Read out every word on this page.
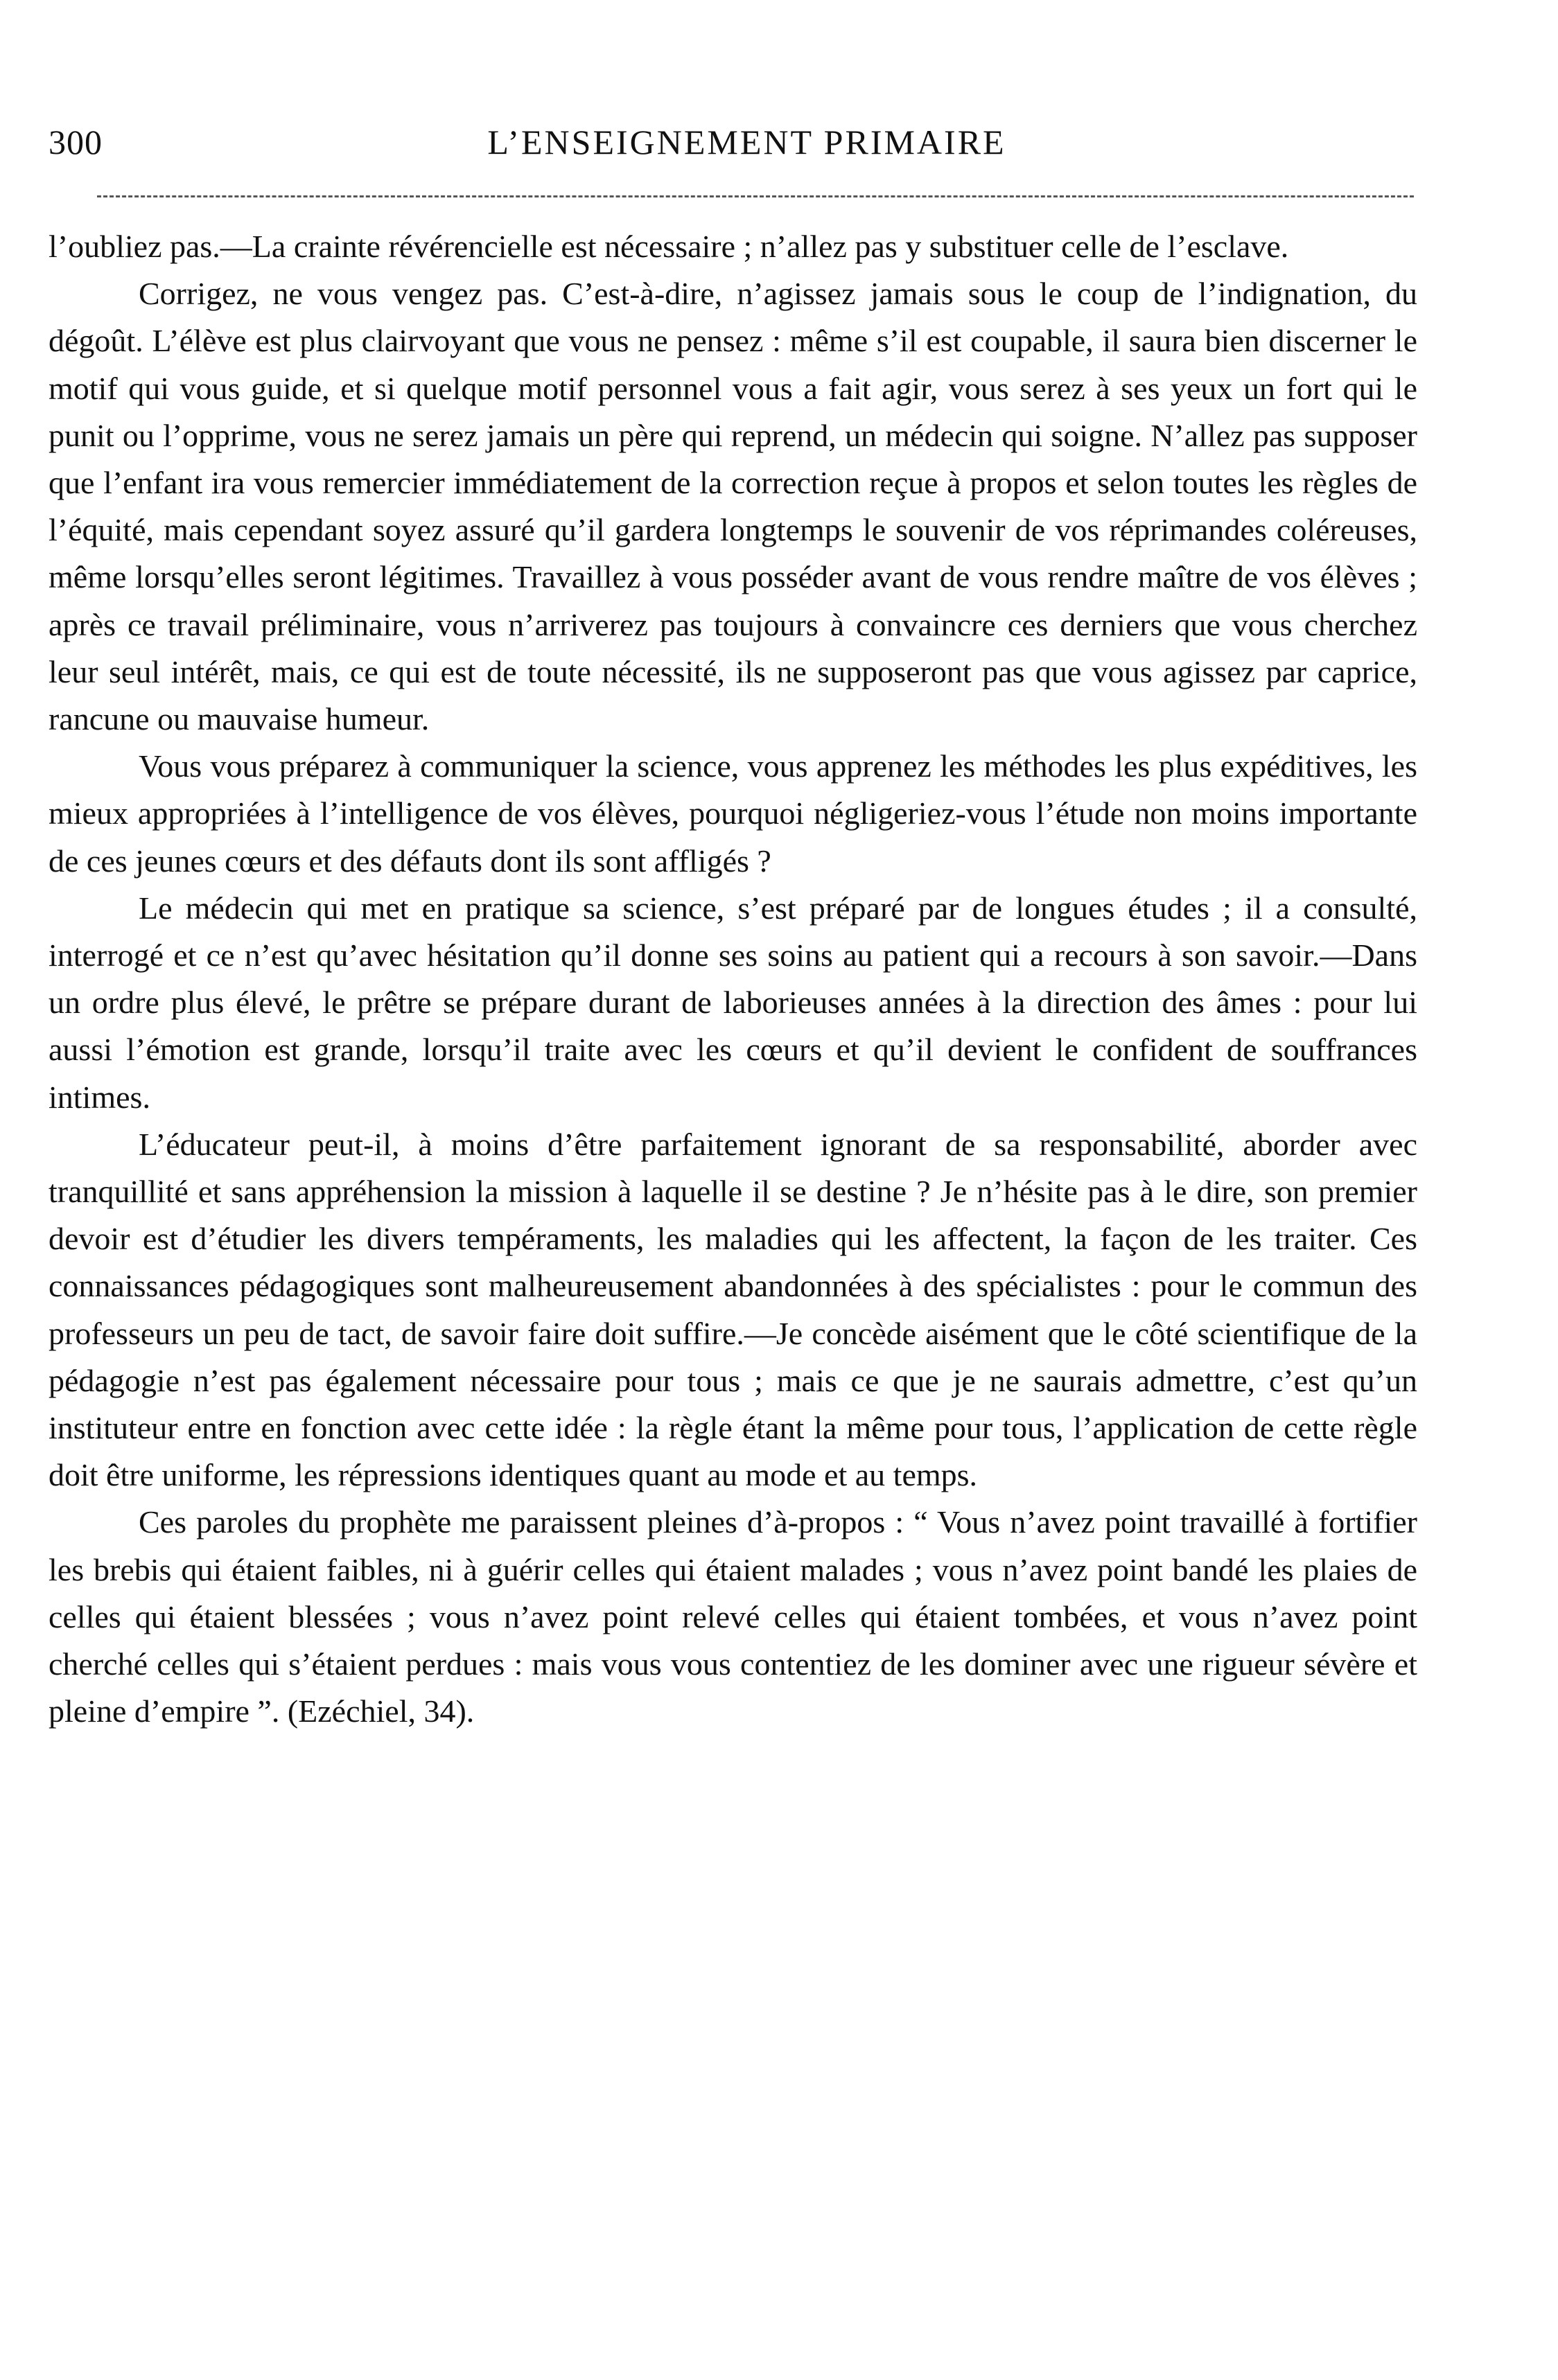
300	L’ENSEIGNEMENT PRIMAIRE

l’oubliez pas.—La crainte révérencielle est nécessaire ; n’allez pas y substituer celle de l’esclave.

Corrigez, ne vous vengez pas. C’est-à-dire, n’agissez jamais sous le coup de l’indignation, du dégoût. L’élève est plus clairvoyant que vous ne pensez : même s’il est coupable, il saura bien discerner le motif qui vous guide, et si quelque motif personnel vous a fait agir, vous serez à ses yeux un fort qui le punit ou l’opprime, vous ne serez jamais un père qui reprend, un médecin qui soigne. N’allez pas supposer que l’enfant ira vous remercier immédiatement de la correction reçue à propos et selon toutes les règles de l’équité, mais cependant soyez assuré qu’il gardera longtemps le souvenir de vos réprimandes coléreuses, même lorsqu’elles seront légitimes. Travaillez à vous posséder avant de vous rendre maître de vos élèves ; après ce travail préliminaire, vous n’arriverez pas toujours à convaincre ces derniers que vous cherchez leur seul intérêt, mais, ce qui est de toute nécessité, ils ne supposeront pas que vous agissez par caprice, rancune ou mauvaise humeur.

Vous vous préparez à communiquer la science, vous apprenez les méthodes les plus expéditives, les mieux appropriées à l’intelligence de vos élèves, pourquoi négligeriez-vous l’étude non moins importante de ces jeunes cœurs et des défauts dont ils sont affligés ?

Le médecin qui met en pratique sa science, s’est préparé par de longues études ; il a consulté, interrogé et ce n’est qu’avec hésitation qu’il donne ses soins au patient qui a recours à son savoir.—Dans un ordre plus élevé, le prêtre se prépare durant de laborieuses années à la direction des âmes : pour lui aussi l’émotion est grande, lorsqu’il traite avec les cœurs et qu’il devient le confident de souffrances intimes.

L’éducateur peut-il, à moins d’être parfaitement ignorant de sa responsabilité, aborder avec tranquillité et sans appréhension la mission à laquelle il se destine ? Je n’hésite pas à le dire, son premier devoir est d’étudier les divers tempéraments, les maladies qui les affectent, la façon de les traiter. Ces connaissances pédagogiques sont malheureusement abandonnées à des spécialistes : pour le commun des professeurs un peu de tact, de savoir faire doit suffire.—Je concède aisément que le côté scientifique de la pédagogie n’est pas également nécessaire pour tous ; mais ce que je ne saurais admettre, c’est qu’un instituteur entre en fonction avec cette idée : la règle étant la même pour tous, l’application de cette règle doit être uniforme, les répressions identiques quant au mode et au temps.

Ces paroles du prophète me paraissent pleines d’à-propos : “ Vous n’avez point travaillé à fortifier les brebis qui étaient faibles, ni à guérir celles qui étaient malades ; vous n’avez point bandé les plaies de celles qui étaient blessées ; vous n’avez point relevé celles qui étaient tombées, et vous n’avez point cherché celles qui s’étaient perdues : mais vous vous contentiez de les dominer avec une rigueur sévère et pleine d’empire ”. (Ezéchiel, 34).
